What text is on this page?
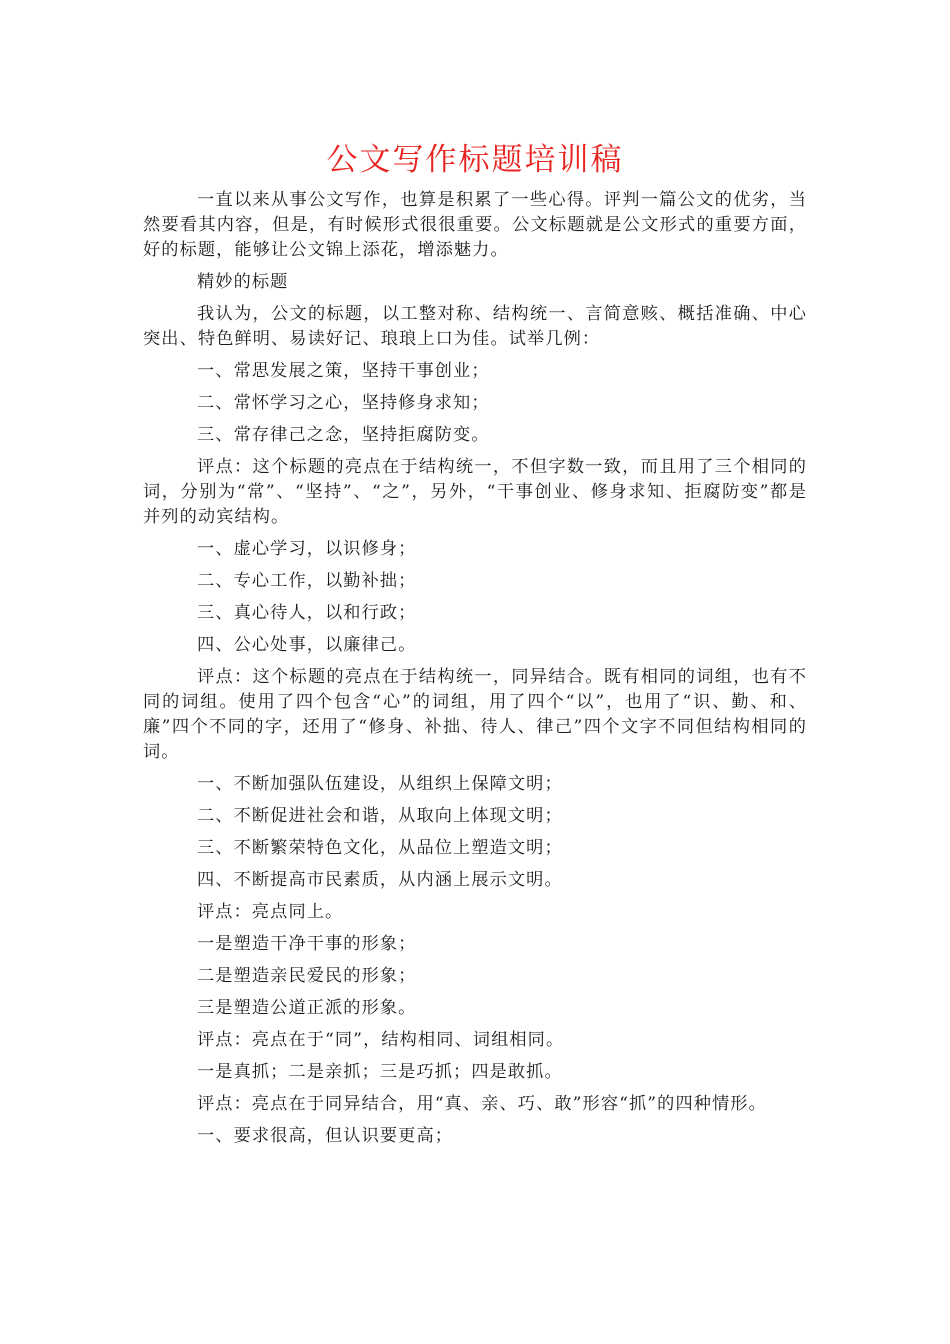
公文写作标题培训稿

一直以来从事公文写作，也算是积累了一些心得。评判一篇公文的优劣，当然要看其内容，但是，有时候形式很很重要。公文标题就是公文形式的重要方面，好的标题，能够让公文锦上添花，增添魅力。

精妙的标题

我认为，公文的标题，以工整对称、结构统一、言简意赅、概括准确、中心突出、特色鲜明、易读好记、琅琅上口为佳。试举几例：

一、常思发展之策，坚持干事创业；

二、常怀学习之心，坚持修身求知；

三、常存律己之念，坚持拒腐防变。

评点：这个标题的亮点在于结构统一，不但字数一致，而且用了三个相同的词，分别为“常”、“坚持”、“之”，另外，“干事创业、修身求知、拒腐防变”都是并列的动宾结构。

一、虚心学习，以识修身；

二、专心工作，以勤补拙；

三、真心待人，以和行政；

四、公心处事，以廉律己。

评点：这个标题的亮点在于结构统一，同异结合。既有相同的词组，也有不同的词组。使用了四个包含“心”的词组，用了四个“以”，也用了“识、勤、和、廉”四个不同的字，还用了“修身、补拙、待人、律己”四个文字不同但结构相同的词。

一、不断加强队伍建设，从组织上保障文明；

二、不断促进社会和谐，从取向上体现文明；

三、不断繁荣特色文化，从品位上塑造文明；

四、不断提高市民素质，从内涵上展示文明。

评点：亮点同上。

一是塑造干净干事的形象；

二是塑造亲民爱民的形象；

三是塑造公道正派的形象。

评点：亮点在于“同”，结构相同、词组相同。

一是真抓；二是亲抓；三是巧抓；四是敢抓。

评点：亮点在于同异结合，用“真、亲、巧、敢”形容“抓”的四种情形。

一、要求很高，但认识要更高；
